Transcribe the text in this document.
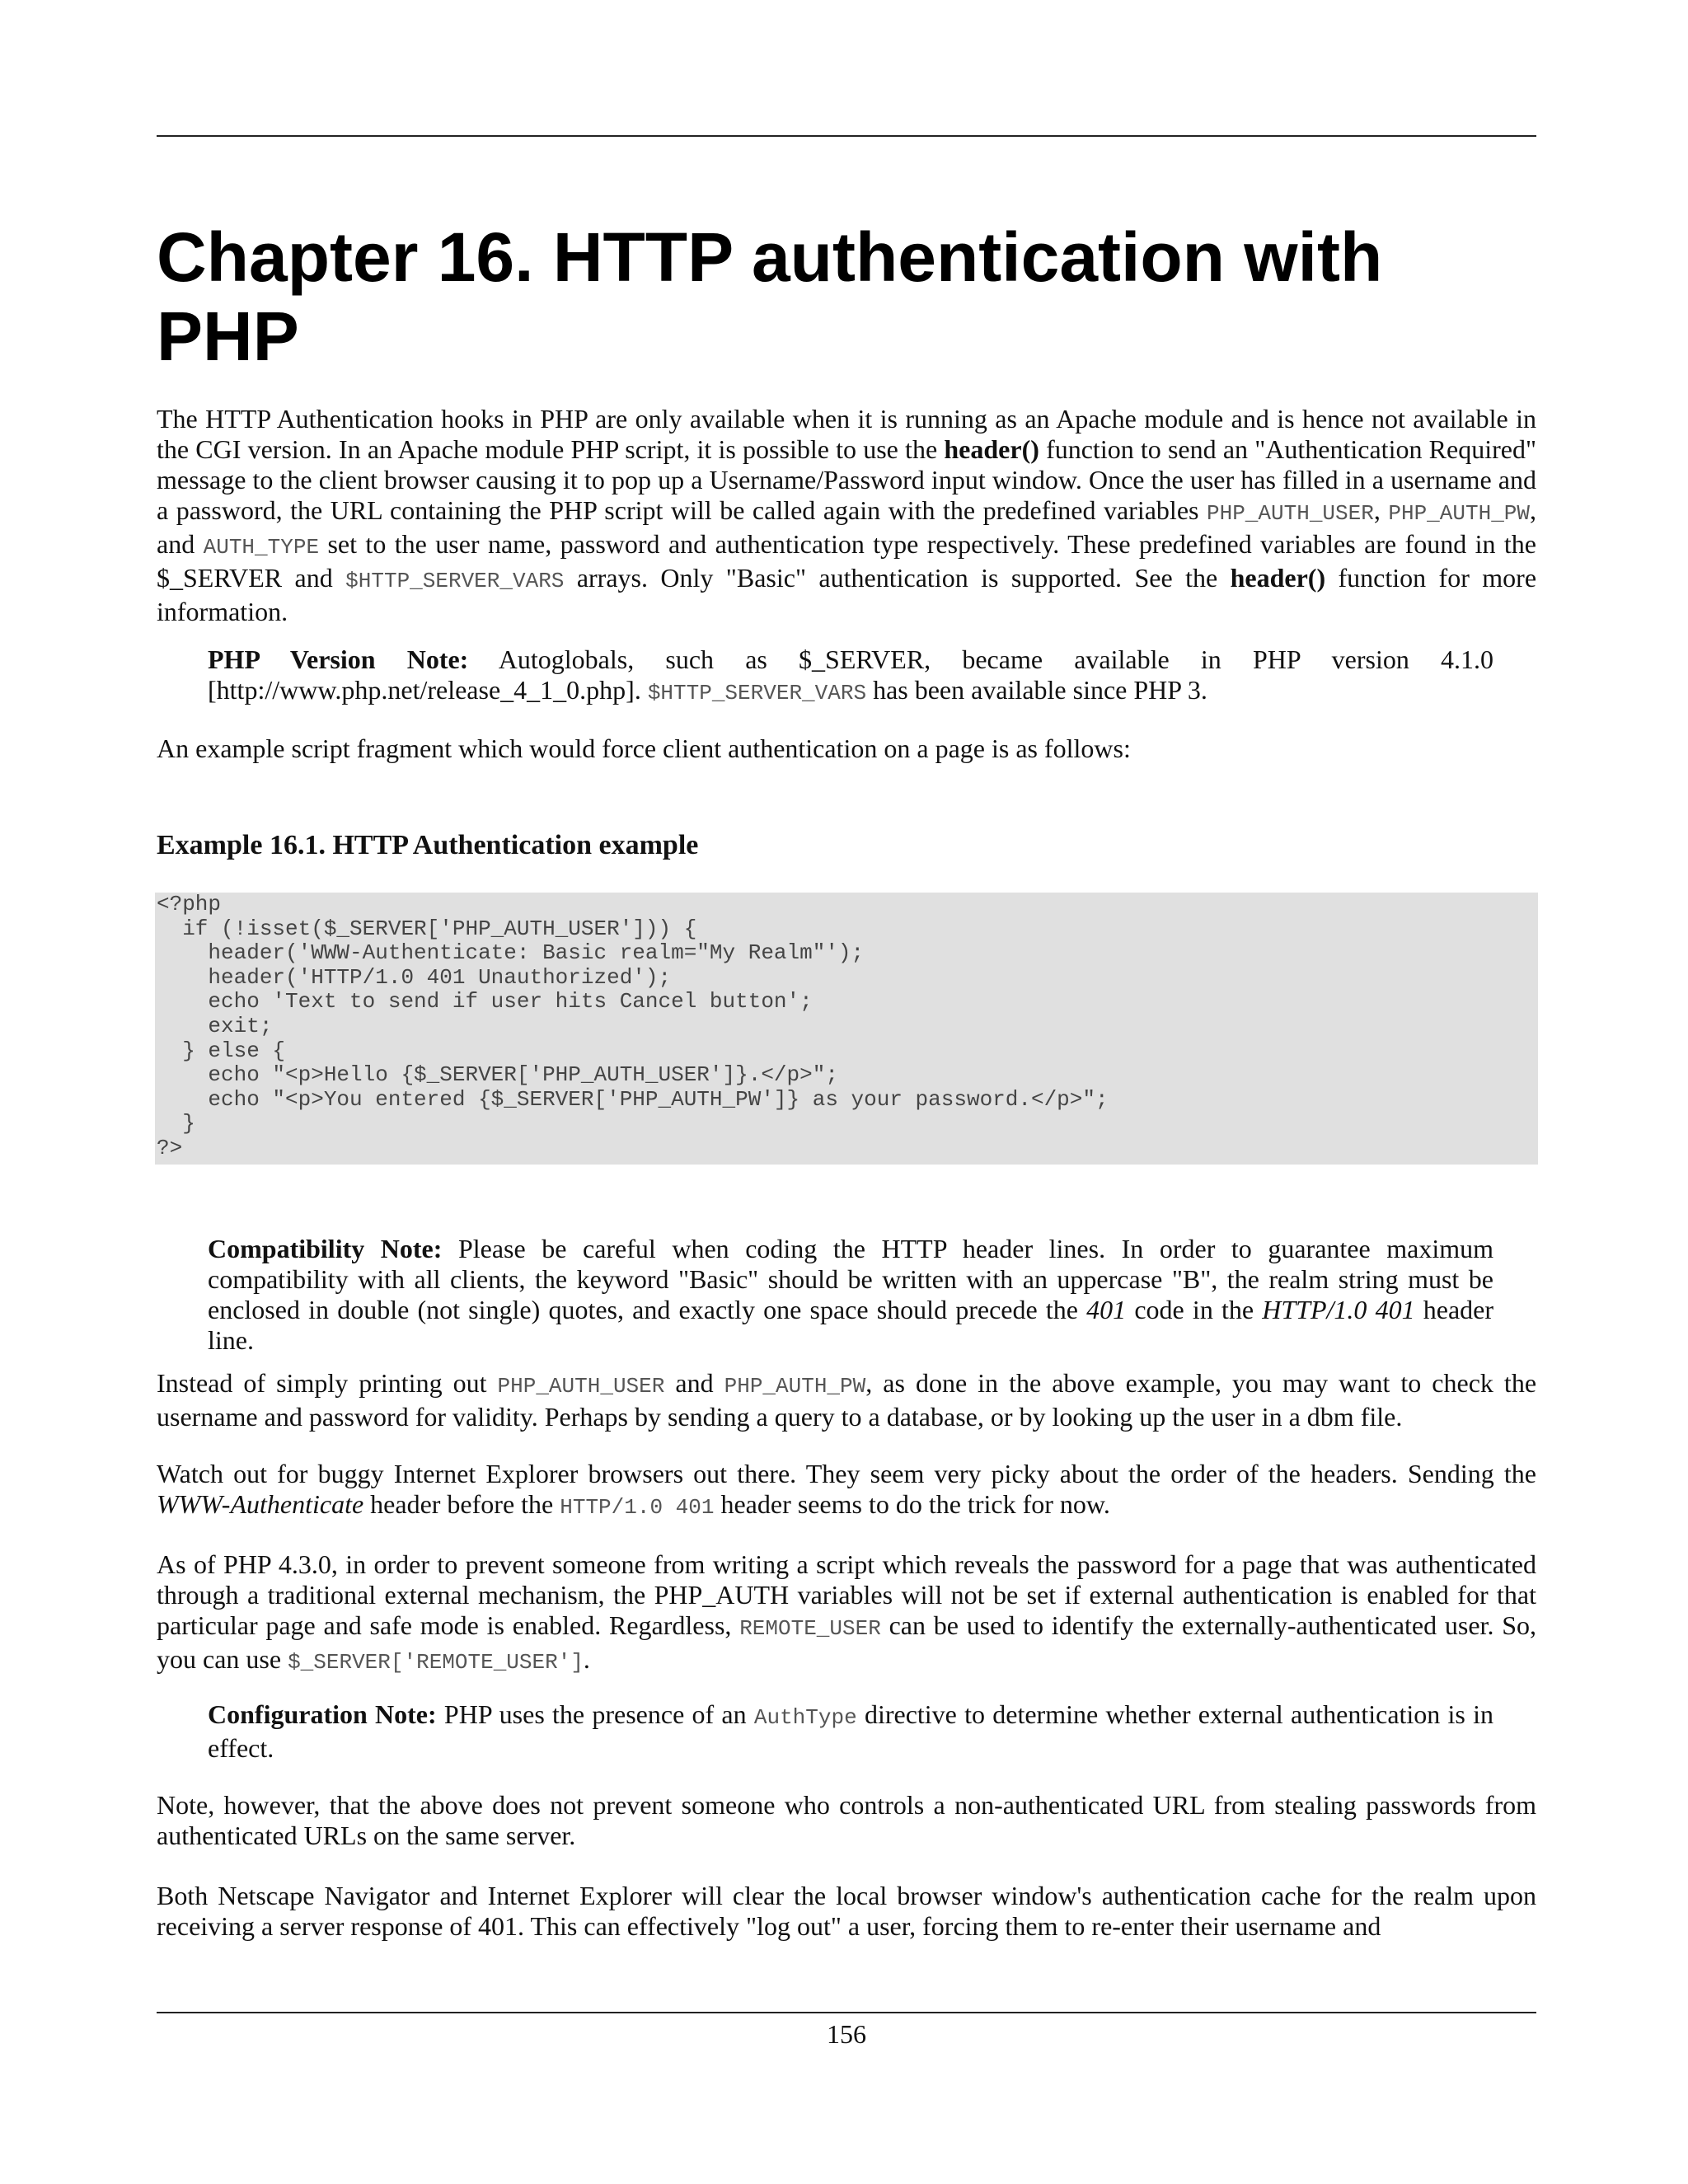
Chapter 16. HTTP authentication with PHP

The HTTP Authentication hooks in PHP are only available when it is running as an Apache module and is hence not available in the CGI version. In an Apache module PHP script, it is possible to use the header() function to send an "Authentication Required" message to the client browser causing it to pop up a Username/Password input window. Once the user has filled in a username and a password, the URL containing the PHP script will be called again with the predefined variables PHP_AUTH_USER, PHP_AUTH_PW, and AUTH_TYPE set to the user name, password and authentication type respectively. These predefined variables are found in the $_SERVER and $HTTP_SERVER_VARS arrays. Only "Basic" authentication is supported. See the header() function for more information.

PHP Version Note: Autoglobals, such as $_SERVER, became available in PHP version 4.1.0 [http://www.php.net/release_4_1_0.php]. $HTTP_SERVER_VARS has been available since PHP 3.

An example script fragment which would force client authentication on a page is as follows:

Example 16.1. HTTP Authentication example
<?php
if (!isset($_SERVER['PHP_AUTH_USER'])) {
header('WWW-Authenticate: Basic realm="My Realm"');
header('HTTP/1.0 401 Unauthorized');
echo 'Text to send if user hits Cancel button';
exit;
} else {
echo "<p>Hello {$_SERVER['PHP_AUTH_USER']}.</p>";
echo "<p>You entered {$_SERVER['PHP_AUTH_PW']} as your password.</p>";
}
?>

Compatibility Note: Please be careful when coding the HTTP header lines. In order to guarantee maximum compatibility with all clients, the keyword "Basic" should be written with an uppercase "B", the realm string must be enclosed in double (not single) quotes, and exactly one space should precede the 401 code in the HTTP/1.0 401 header line.

Instead of simply printing out PHP_AUTH_USER and PHP_AUTH_PW, as done in the above example, you may want to check the username and password for validity. Perhaps by sending a query to a database, or by looking up the user in a dbm file.

Watch out for buggy Internet Explorer browsers out there. They seem very picky about the order of the headers. Sending the WWW-Authenticate header before the HTTP/1.0 401 header seems to do the trick for now.

As of PHP 4.3.0, in order to prevent someone from writing a script which reveals the password for a page that was authenticated through a traditional external mechanism, the PHP_AUTH variables will not be set if external authentication is enabled for that particular page and safe mode is enabled. Regardless, REMOTE_USER can be used to identify the externally-authenticated user. So, you can use $_SERVER['REMOTE_USER'].

Configuration Note: PHP uses the presence of an AuthType directive to determine whether external authentication is in effect.

Note, however, that the above does not prevent someone who controls a non-authenticated URL from stealing passwords from authenticated URLs on the same server.

Both Netscape Navigator and Internet Explorer will clear the local browser window's authentication cache for the realm upon receiving a server response of 401. This can effectively "log out" a user, forcing them to re-enter their username and

156
